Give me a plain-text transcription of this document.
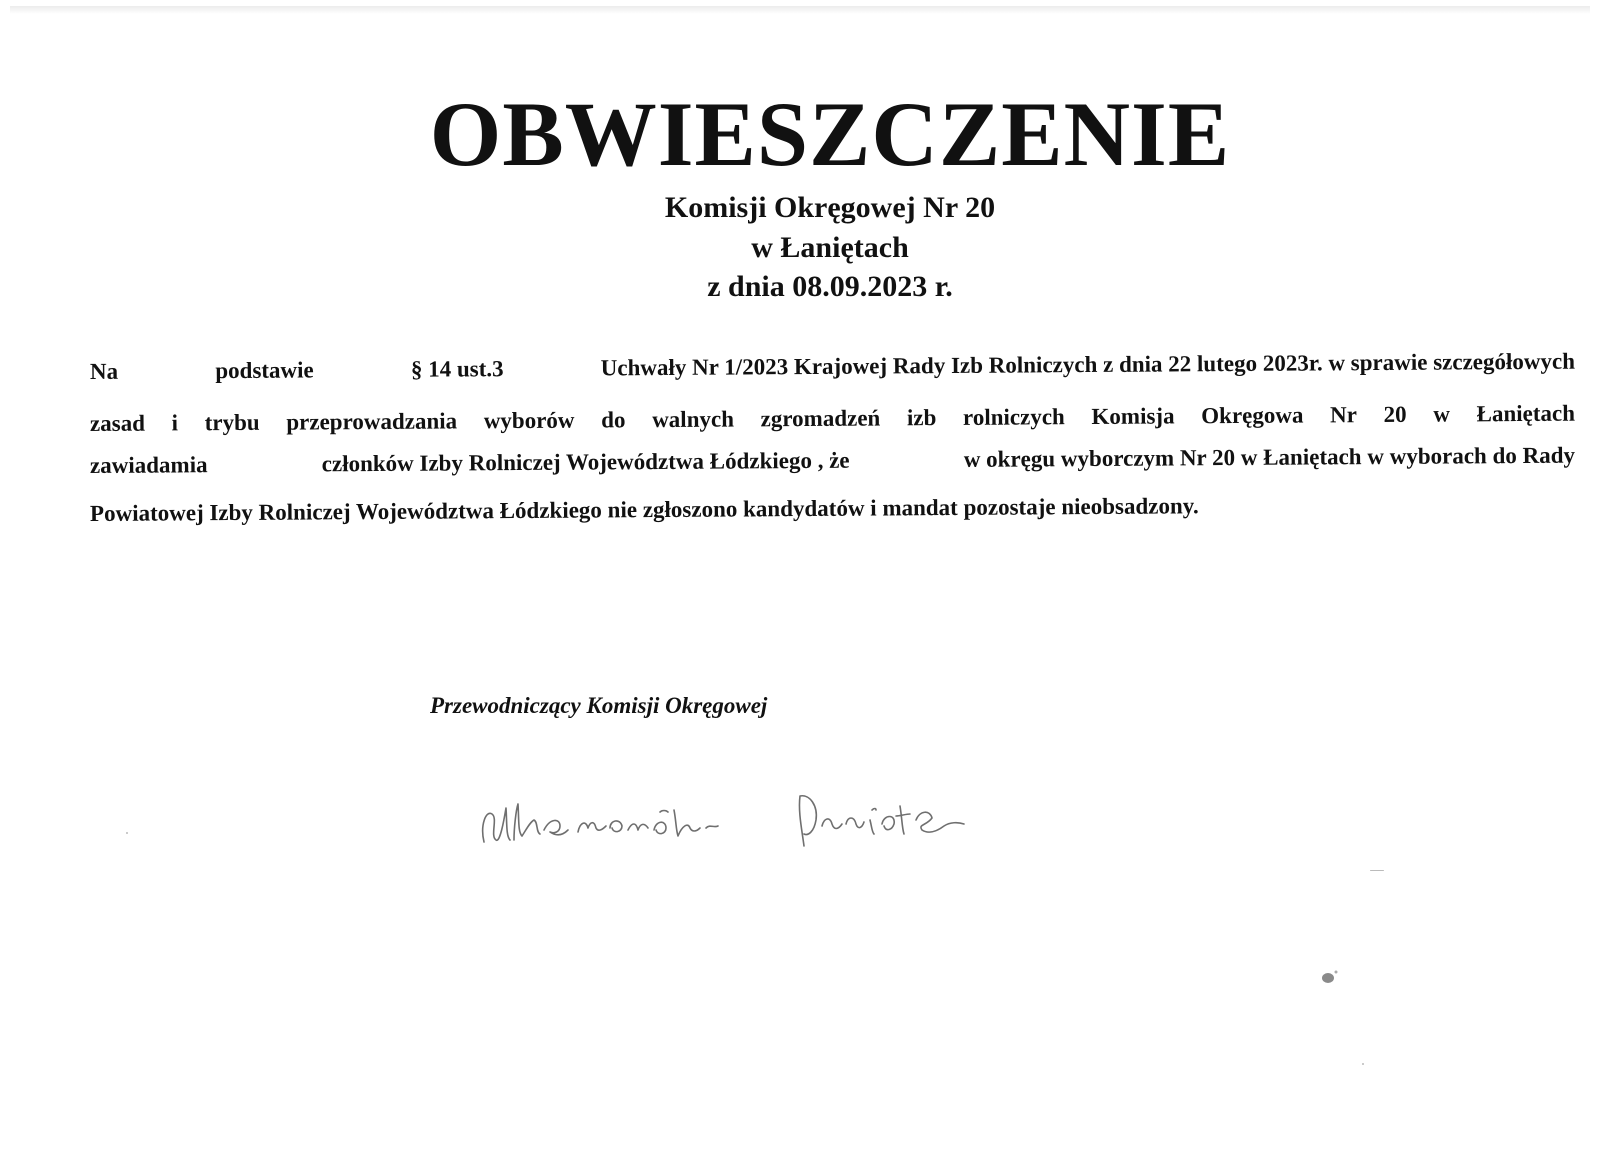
OBWIESZCZENIE
Komisji Okręgowej Nr 20
w Łaniętach
z dnia 08.09.2023 r.
Na	podstawie	§ 14 ust.3	Uchwały Nr 1/2023 Krajowej Rady Izb Rolniczych z dnia 22 lutego 2023r. w sprawie szczegółowych
zasad i trybu przeprowadzania wyborów do walnych zgromadzeń izb rolniczych Komisja Okręgowa Nr 20 w Łaniętach
zawiadamia	członków Izby Rolniczej Województwa Łódzkiego , że	w okręgu wyborczym Nr 20 w Łaniętach w wyborach do Rady
Powiatowej Izby Rolniczej Województwa Łódzkiego nie zgłoszono kandydatów i mandat pozostaje nieobsadzony.
Przewodniczący Komisji Okręgowej
